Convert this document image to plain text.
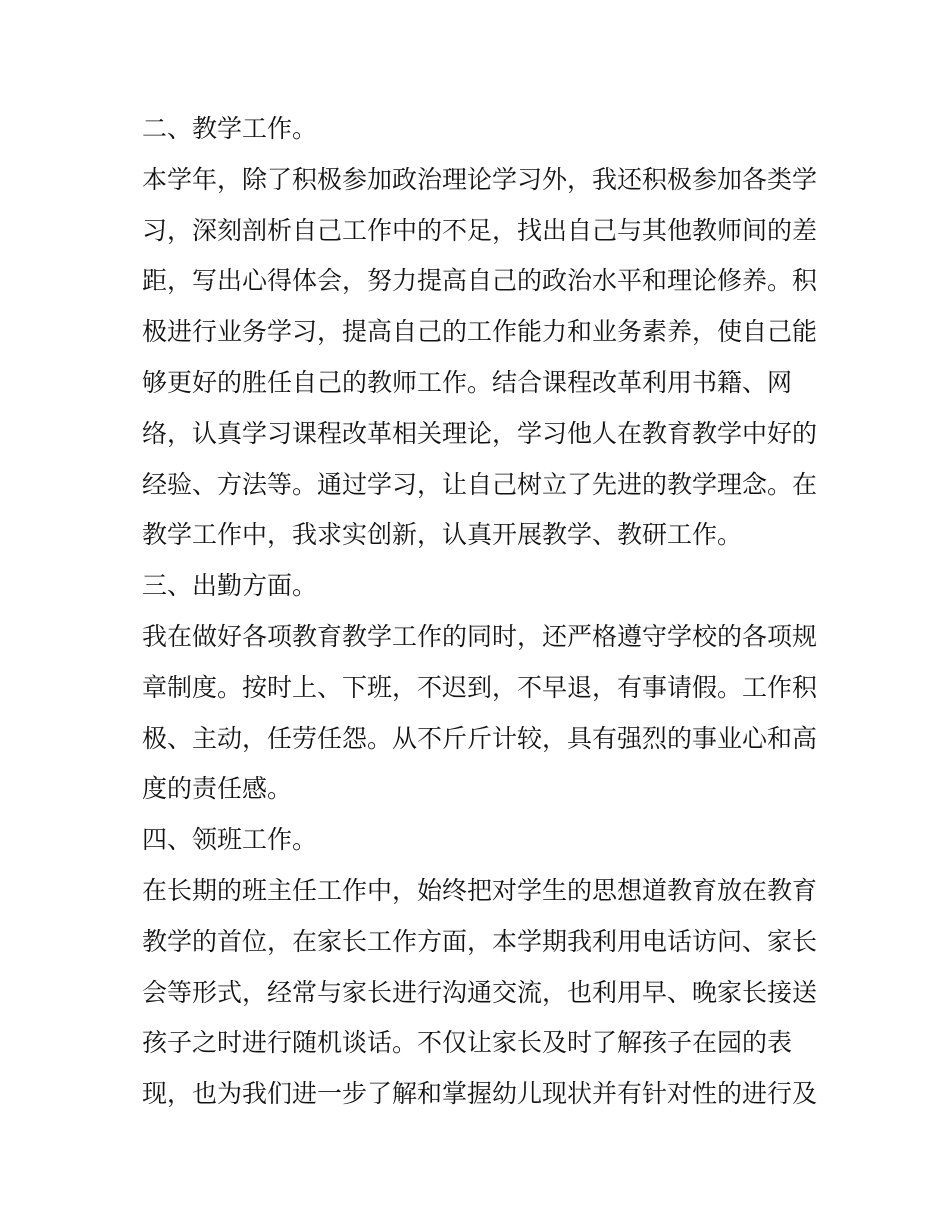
二、教学工作。
本学年，除了积极参加政治理论学习外，我还积极参加各类学
习，深刻剖析自己工作中的不足，找出自己与其他教师间的差
距，写出心得体会，努力提高自己的政治水平和理论修养。积
极进行业务学习，提高自己的工作能力和业务素养，使自己能
够更好的胜任自己的教师工作。结合课程改革利用书籍、网
络，认真学习课程改革相关理论，学习他人在教育教学中好的
经验、方法等。通过学习，让自己树立了先进的教学理念。在
教学工作中，我求实创新，认真开展教学、教研工作。
三、出勤方面。
我在做好各项教育教学工作的同时，还严格遵守学校的各项规
章制度。按时上、下班，不迟到，不早退，有事请假。工作积
极、主动，任劳任怨。从不斤斤计较，具有强烈的事业心和高
度的责任感。
四、领班工作。
在长期的班主任工作中，始终把对学生的思想道教育放在教育
教学的首位，在家长工作方面，本学期我利用电话访问、家长
会等形式，经常与家长进行沟通交流，也利用早、晚家长接送
孩子之时进行随机谈话。不仅让家长及时了解孩子在园的表
现，也为我们进一步了解和掌握幼儿现状并有针对性的进行及
